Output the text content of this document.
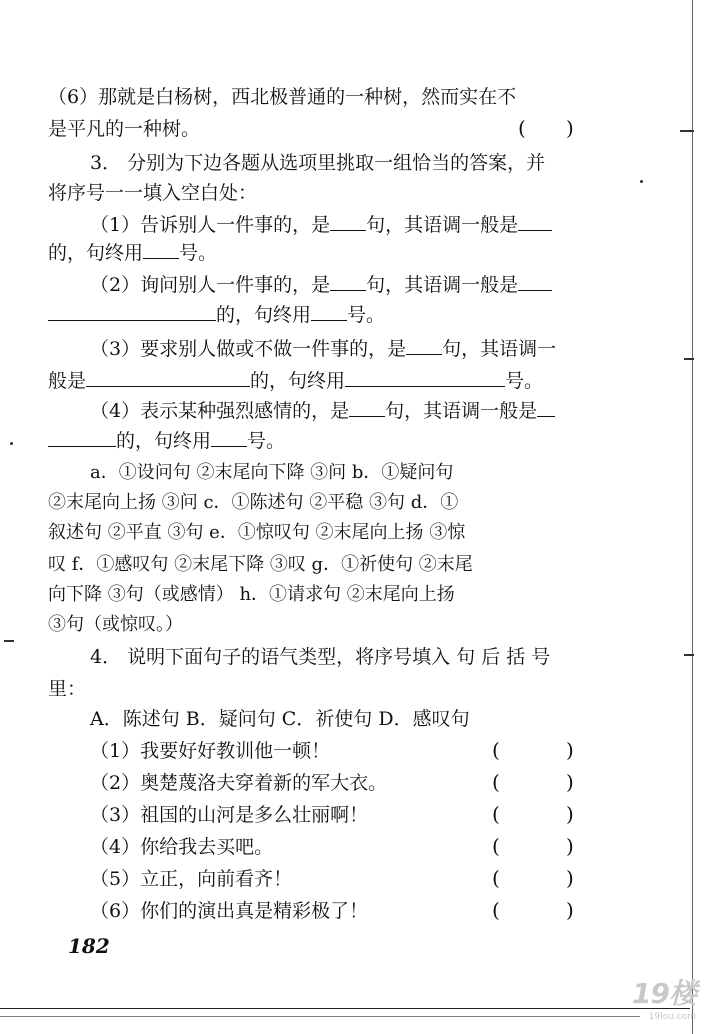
（6）那就是白杨树，西北极普通的一种树，然而实在不
是平凡的一种树。	( )
3． 分别为下边各题从选项里挑取一组恰当的答案，并
将序号一一填入空白处：
（1）告诉别人一件事的，是 句，其语调一般是
的，句终用 号。
（2）询问别人一件事的，是 句，其语调一般是
的，句终用 号。
（3）要求别人做或不做一件事的，是 句，其语调一
般是	的，句终用	号。
（4）表示某种强烈感情的，是 句，其语调一般是
的，句终用 号。
a．①设问句 ②末尾向下降 ③问 b．①疑问句
②末尾向上扬 ③问 c．①陈述句 ②平稳 ③句 d．①
叙述句 ②平直 ③句 e．①惊叹句 ②末尾向上扬 ③惊
叹 f．①感叹句 ②末尾下降 ③叹 g．①祈使句 ②末尾
向下降 ③句（或感情） h．①请求句 ②末尾向上扬
③句（或惊叹。）
4． 说明下面句子的语气类型，将序号填入 句 后 括 号
里：
A．陈述句 B．疑问句 C．祈使句 D．感叹句
（1）我要好好教训他一顿！	(	)
（2）奥楚蔑洛夫穿着新的军大衣。	(	)
（3）祖国的山河是多么壮丽啊！	(	)
（4）你给我去买吧。	(	)
（5）立正，向前看齐！	(	)
（6）你们的演出真是精彩极了！	(	)
182
19楼
19lou.com
